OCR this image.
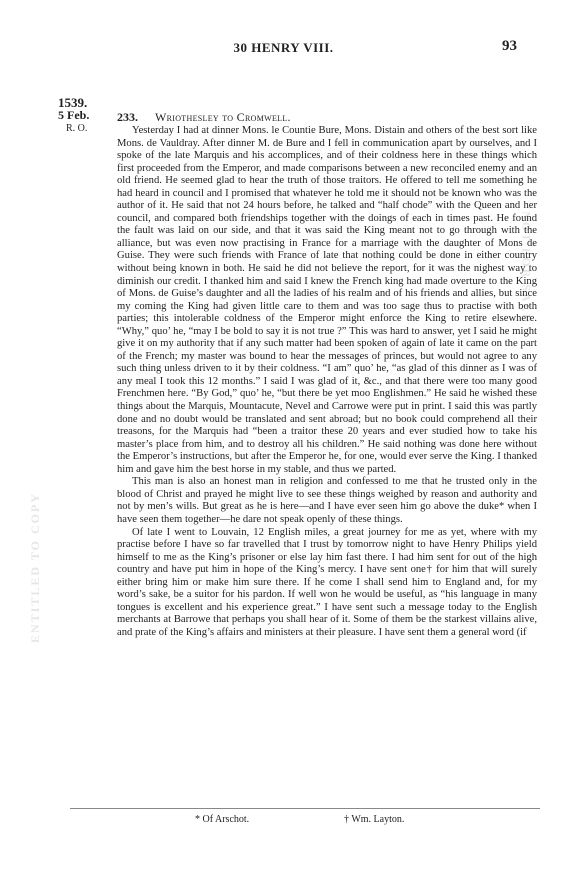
ENTITLED TO COPY
NOT FOR SALE
30 HENRY VIII.	93
1539.
5 Feb.
R. O.
233. Wriothesley to Cromwell.

Yesterday I had at dinner Mons. le Countie Bure, Mons. Distain and others of the best sort like Mons. de Vauldray. After dinner M. de Bure and I fell in communication apart by ourselves, and I spoke of the late Marquis and his accomplices, and of their coldness here in these things which first proceeded from the Emperor, and made comparisons between a new reconciled enemy and an old friend. He seemed glad to hear the truth of those traitors. He offered to tell me something he had heard in council and I promised that whatever he told me it should not be known who was the author of it. He said that not 24 hours before, he talked and “half chode” with the Queen and her council, and compared both friendships together with the doings of each in times past. He found the fault was laid on our side, and that it was said the King meant not to go through with the alliance, but was even now practising in France for a marriage with the daughter of Mons de Guise. They were such friends with France of late that nothing could be done in either country without being known in both. He said he did not believe the report, for it was the nighest way to diminish our credit. I thanked him and said I knew the French king had made overture to the King of Mons. de Guise’s daughter and all the ladies of his realm and of his friends and allies, but since my coming the King had given little care to them and was too sage thus to practise with both parties; this intolerable coldness of the Emperor might enforce the King to retire elsewhere. “Why,” quo’ he, “may I be bold to say it is not true ?” This was hard to answer, yet I said he might give it on my authority that if any such matter had been spoken of again of late it came on the part of the French; my master was bound to hear the messages of princes, but would not agree to any such thing unless driven to it by their coldness. “I am” quo’ he, “as glad of this dinner as I was of any meal I took this 12 months.” I said I was glad of it, &c., and that there were too many good Frenchmen here. “By God,” quo’ he, “but there be yet moo Englishmen.” He said he wished these things about the Marquis, Mountacute, Nevel and Carrowe were put in print. I said this was partly done and no doubt would be translated and sent abroad; but no book could comprehend all their treasons, for the Marquis had “been a traitor these 20 years and ever studied how to take his master’s place from him, and to destroy all his children.” He said nothing was done here without the Emperor’s instructions, but after the Emperor he, for one, would ever serve the King. I thanked him and gave him the best horse in my stable, and thus we parted.

This man is also an honest man in religion and confessed to me that he trusted only in the blood of Christ and prayed he might live to see these things weighed by reason and authority and not by men’s wills. But great as he is here—and I have ever seen him go above the duke* when I have seen them together—he dare not speak openly of these things.

Of late I went to Louvain, 12 English miles, a great journey for me as yet, where with my practise before I have so far travelled that I trust by tomorrow night to have Henry Philips yield himself to me as the King’s prisoner or else lay him fast there. I had him sent for out of the high country and have put him in hope of the King’s mercy. I have sent one† for him that will surely either bring him or make him sure there. If he come I shall send him to England and, for my word’s sake, be a suitor for his pardon. If well won he would be useful, as “his language in many tongues is excellent and his experience great.” I have sent such a message today to the English merchants at Barrowe that perhaps you shall hear of it. Some of them be the starkest villains alive, and prate of the King’s affairs and ministers at their pleasure. I have sent them a general word (if

* Of Arschot.	† Wm. Layton.
